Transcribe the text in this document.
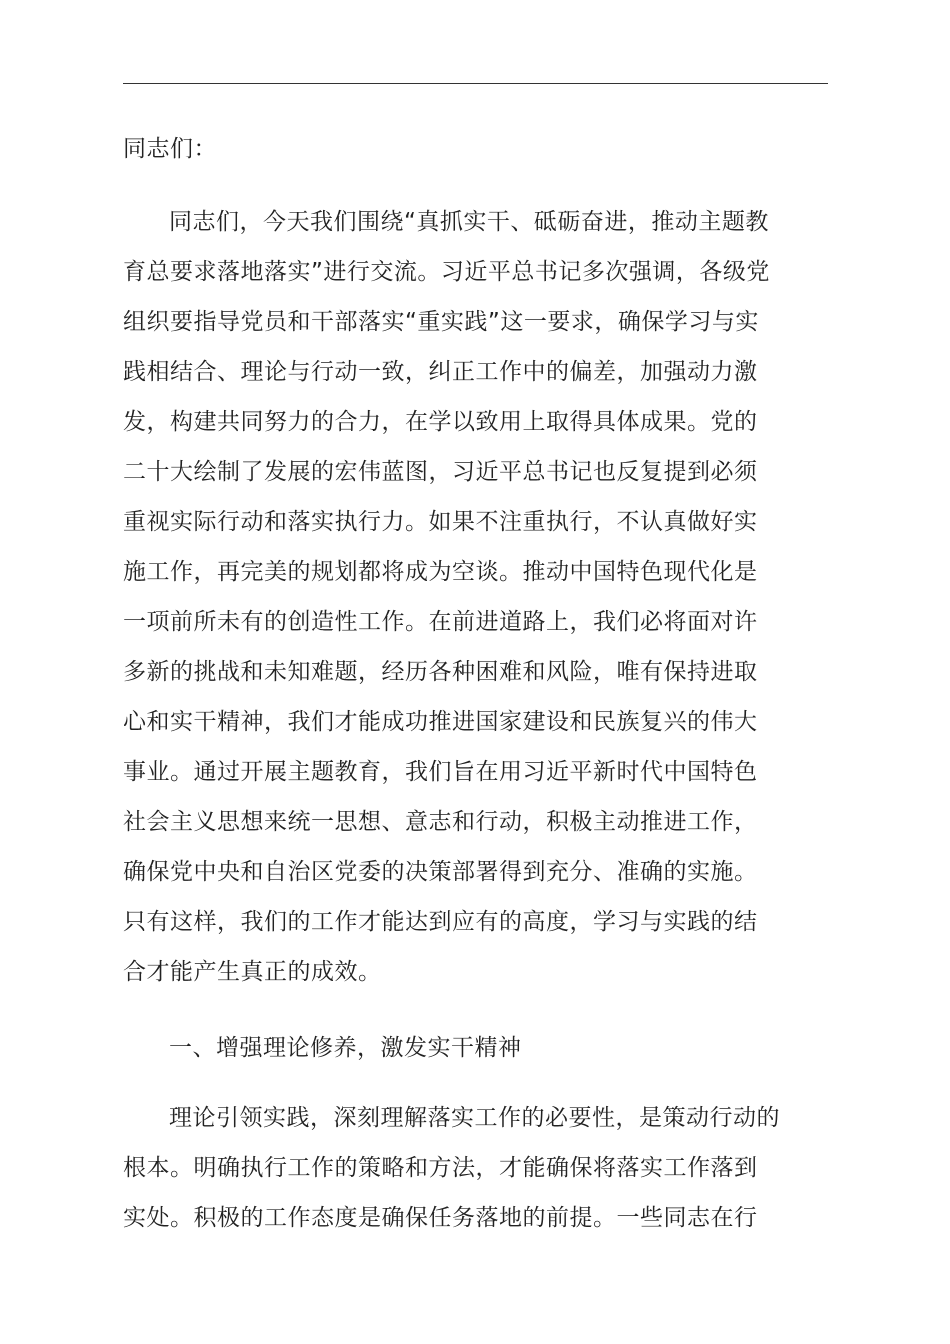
同志们：

同志们，今天我们围绕“真抓实干、砥砺奋进，推动主题教
育总要求落地落实”进行交流。习近平总书记多次强调，各级党
组织要指导党员和干部落实“重实践”这一要求，确保学习与实
践相结合、理论与行动一致，纠正工作中的偏差，加强动力激
发，构建共同努力的合力，在学以致用上取得具体成果。党的
二十大绘制了发展的宏伟蓝图，习近平总书记也反复提到必须
重视实际行动和落实执行力。如果不注重执行，不认真做好实
施工作，再完美的规划都将成为空谈。推动中国特色现代化是
一项前所未有的创造性工作。在前进道路上，我们必将面对许
多新的挑战和未知难题，经历各种困难和风险，唯有保持进取
心和实干精神，我们才能成功推进国家建设和民族复兴的伟大
事业。通过开展主题教育，我们旨在用习近平新时代中国特色
社会主义思想来统一思想、意志和行动，积极主动推进工作，
确保党中央和自治区党委的决策部署得到充分、准确的实施。
只有这样，我们的工作才能达到应有的高度，学习与实践的结
合才能产生真正的成效。

一、增强理论修养，激发实干精神

理论引领实践，深刻理解落实工作的必要性，是策动行动的
根本。明确执行工作的策略和方法，才能确保将落实工作落到
实处。积极的工作态度是确保任务落地的前提。一些同志在行
